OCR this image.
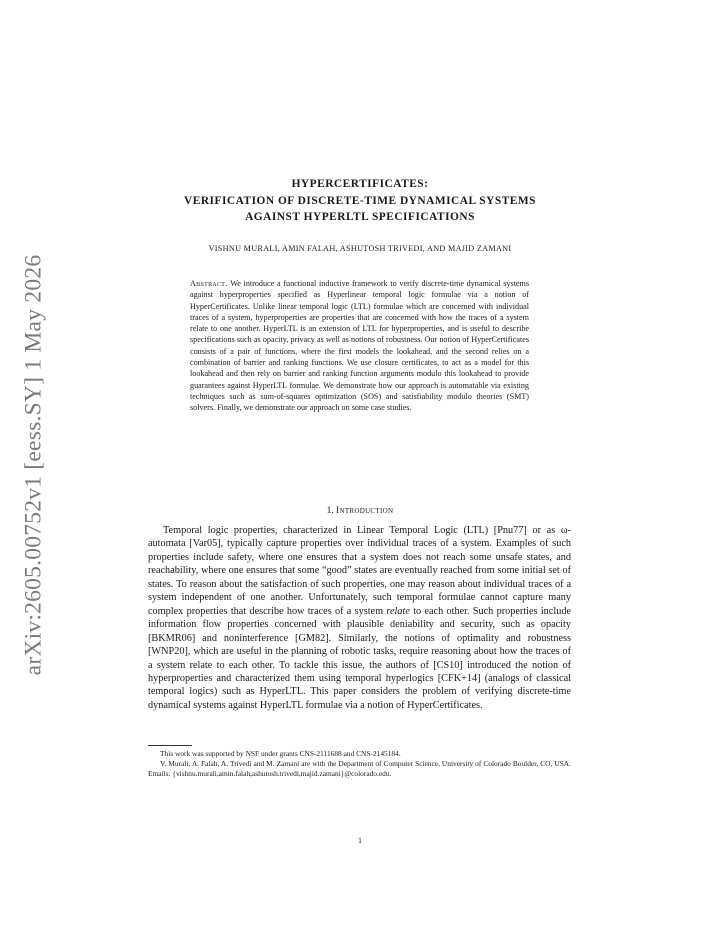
arXiv:2605.00752v1 [eess.SY] 1 May 2026
HYPERCERTIFICATES:
VERIFICATION OF DISCRETE-TIME DYNAMICAL SYSTEMS
AGAINST HYPERLTL SPECIFICATIONS
VISHNU MURALI, AMIN FALAH, ASHUTOSH TRIVEDI, AND MAJID ZAMANI
Abstract. We introduce a functional inductive framework to verify discrete-time dynamical systems against hyperproperties specified as Hyperlinear temporal logic formulae via a notion of HyperCertificates. Unlike linear temporal logic (LTL) formulae which are concerned with individual traces of a system, hyperproperties are properties that are concerned with how the traces of a system relate to one another. HyperLTL is an extension of LTL for hyperproperties, and is useful to describe specifications such as opacity, privacy as well as notions of robustness. Our notion of HyperCertificates consists of a pair of functions, where the first models the lookahead, and the second relies on a combination of barrier and ranking functions. We use closure certificates, to act as a model for this lookahead and then rely on barrier and ranking function arguments modulo this lookahead to provide guarantees against HyperLTL formulae. We demonstrate how our approach is automatable via existing techniques such as sum-of-squares optimization (SOS) and satisfiability modulo theories (SMT) solvers. Finally, we demonstrate our approach on some case studies.
1. Introduction
Temporal logic properties, characterized in Linear Temporal Logic (LTL) [Pnu77] or as ω-automata [Var05], typically capture properties over individual traces of a system. Examples of such properties include safety, where one ensures that a system does not reach some unsafe states, and reachability, where one ensures that some “good” states are eventually reached from some initial set of states. To reason about the satisfaction of such properties, one may reason about individual traces of a system independent of one another. Unfortunately, such temporal formulae cannot capture many complex properties that describe how traces of a system relate to each other. Such properties include information flow properties concerned with plausible deniability and security, such as opacity [BKMR06] and noninterference [GM82]. Similarly, the notions of optimality and robustness [WNP20], which are useful in the planning of robotic tasks, require reasoning about how the traces of a system relate to each other. To tackle this issue, the authors of [CS10] introduced the notion of hyperproperties and characterized them using temporal hyperlogics [CFK+14] (analogs of classical temporal logics) such as HyperLTL. This paper considers the problem of verifying discrete-time dynamical systems against HyperLTL formulae via a notion of HyperCertificates.

This work was supported by NSF under grants CNS-2111688 and CNS-2145184.

V. Murali, A. Falah, A. Trivedi and M. Zamani are with the Department of Computer Science, University of Colorado Boulder, CO, USA. Emails: {vishnu.murali,amin.falah,ashutosh.trivedi,majid.zamani}@colorado.edu.

1
